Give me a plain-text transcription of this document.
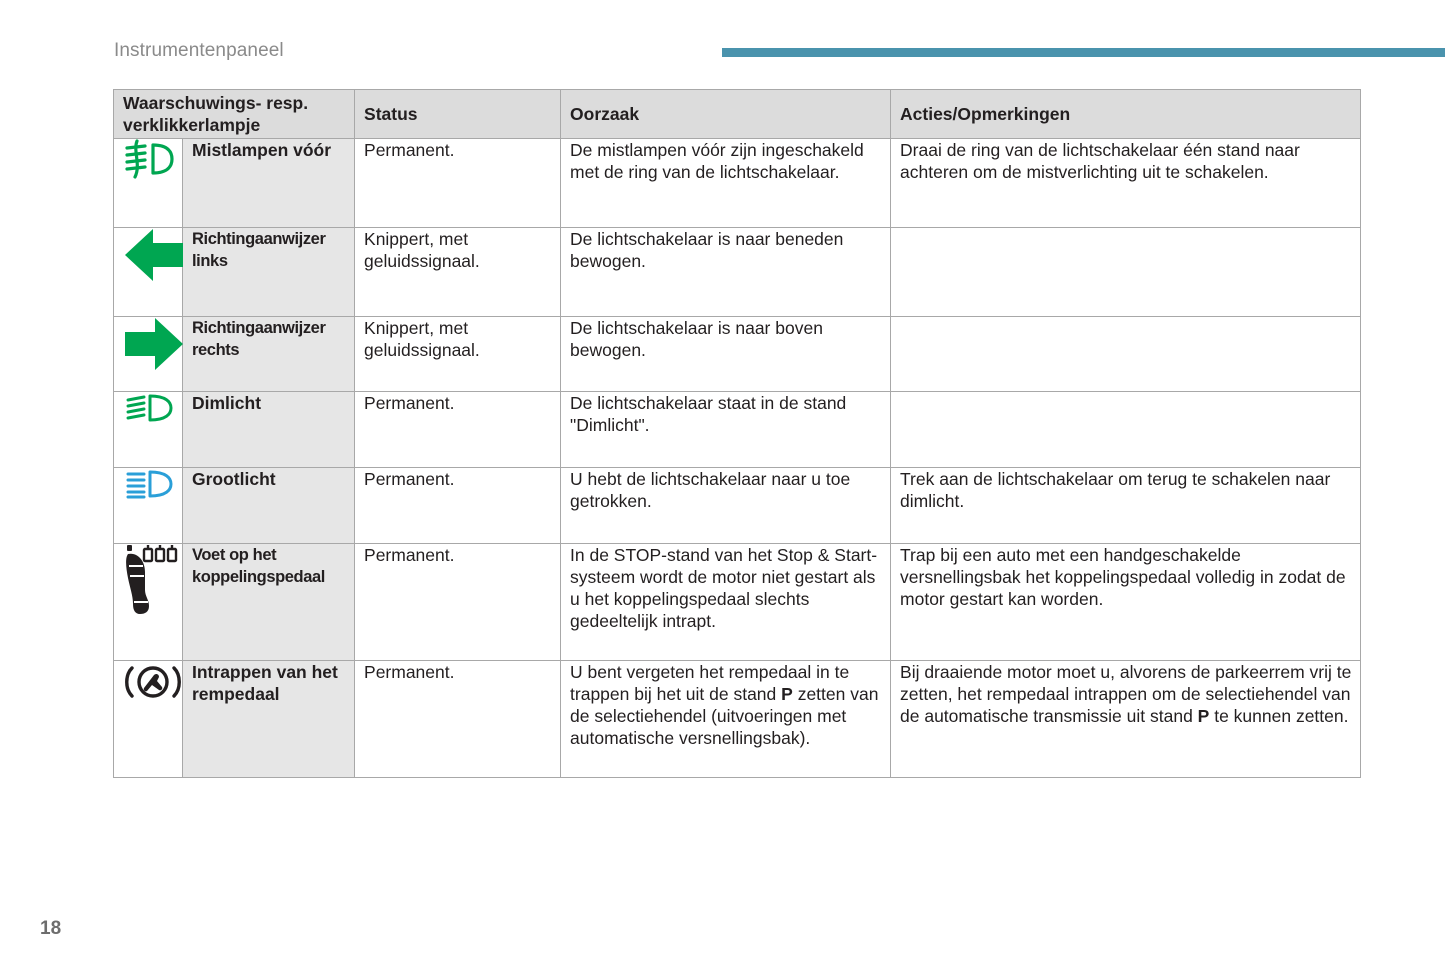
Instrumentenpaneel
Waarschuwings- resp. verklikkerlampje		Status	Oorzaak	Acties/Opmerkingen

	Mistlampen vóór	Permanent.	De mistlampen vóór zijn ingeschakeld met de ring van de lichtschakelaar.	Draai de ring van de lichtschakelaar één stand naar achteren om de mistverlichting uit te schakelen.

	Richtingaanwijzer links	Knippert, met geluidssignaal.	De lichtschakelaar is naar beneden bewogen.	

	Richtingaanwijzer rechts	Knippert, met geluidssignaal.	De lichtschakelaar is naar boven bewogen.	

	Dimlicht	Permanent.	De lichtschakelaar staat in de stand "Dimlicht".	

	Grootlicht	Permanent.	U hebt de lichtschakelaar naar u toe getrokken.	Trek aan de lichtschakelaar om terug te schakelen naar dimlicht.

	Voet op het koppelingspedaal	Permanent.	In de STOP-stand van het Stop & Start-systeem wordt de motor niet gestart als u het koppelingspedaal slechts gedeeltelijk intrapt.	Trap bij een auto met een handgeschakelde versnellingsbak het koppelingspedaal volledig in zodat de motor gestart kan worden.

	Intrappen van het rempedaal	Permanent.	U bent vergeten het rempedaal in te trappen bij het uit de stand P zetten van de selectiehendel (uitvoeringen met automatische versnellingsbak).	Bij draaiende motor moet u, alvorens de parkeerrem vrij te zetten, het rempedaal intrappen om de selectiehendel van de automatische transmissie uit stand P te kunnen zetten.
18
